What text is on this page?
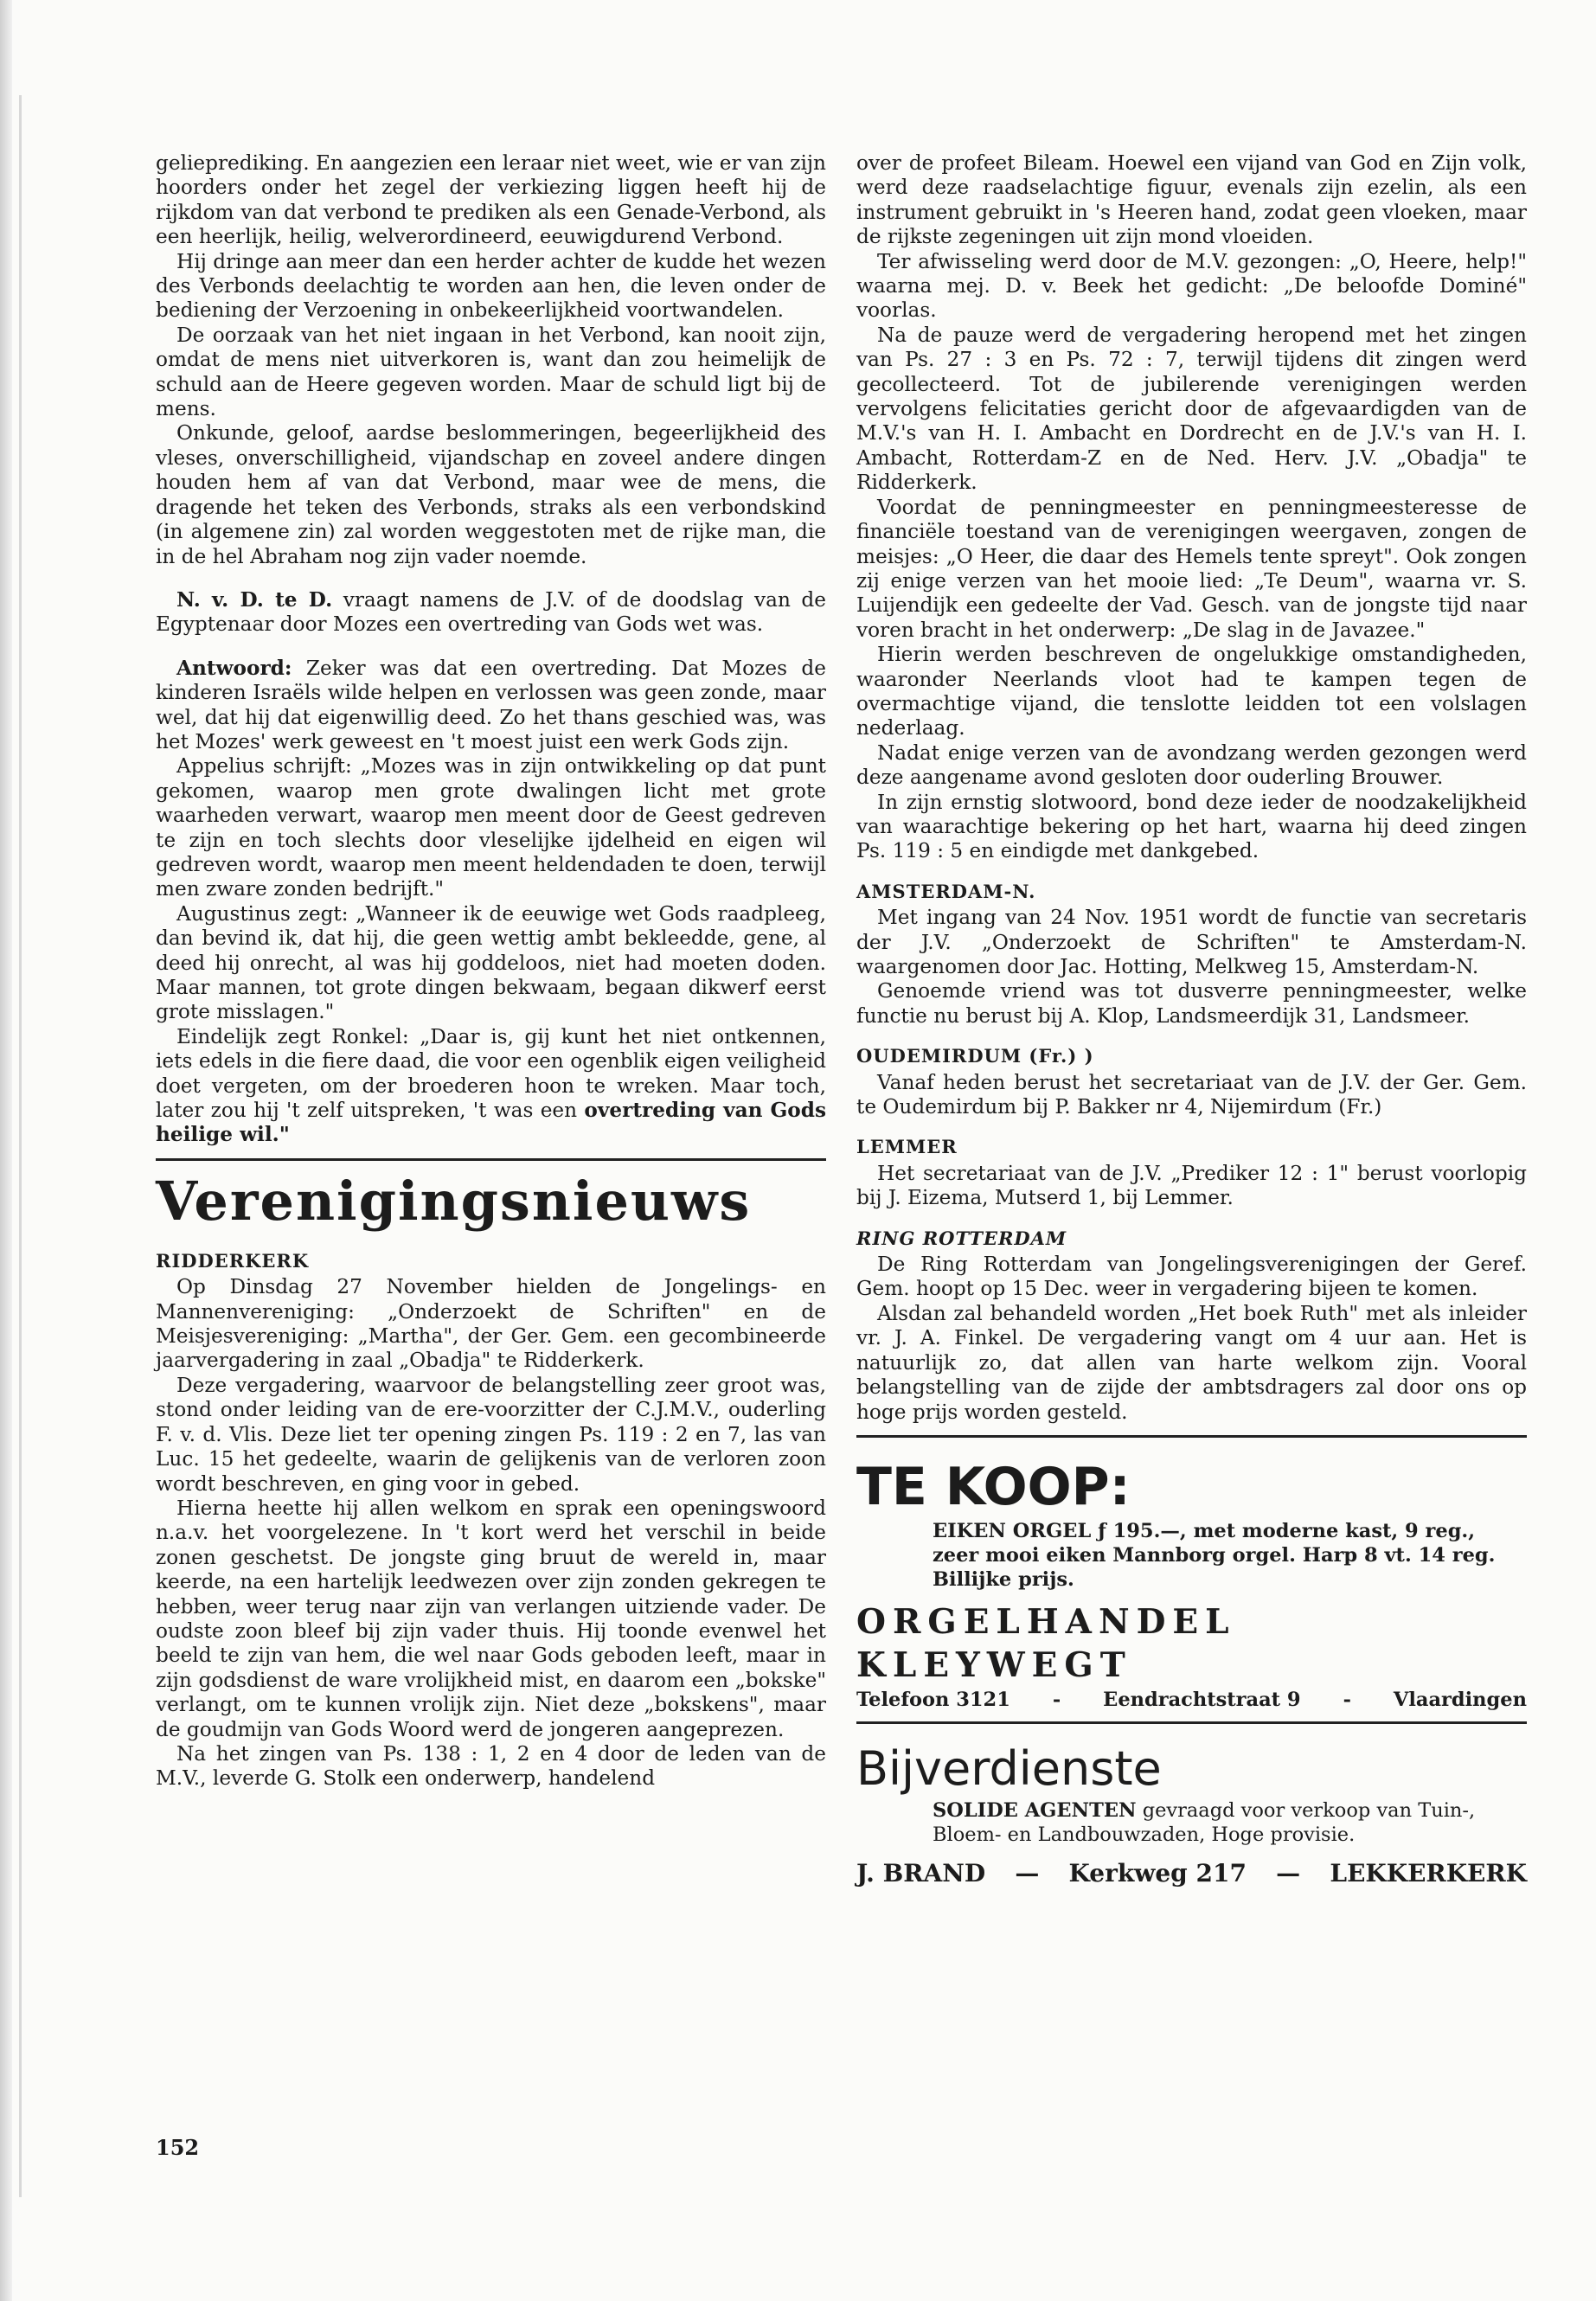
gelieprediking. En aangezien een leraar niet weet, wie er van zijn hoorders onder het zegel der verkiezing liggen heeft hij de rijkdom van dat verbond te prediken als een Genade-Verbond, als een heerlijk, heilig, welverordineerd, eeuwigdurend Verbond.

Hij dringe aan meer dan een herder achter de kudde het wezen des Verbonds deelachtig te worden aan hen, die leven onder de bediening der Verzoening in onbekeerlijkheid voortwandelen.

De oorzaak van het niet ingaan in het Verbond, kan nooit zijn, omdat de mens niet uitverkoren is, want dan zou heimelijk de schuld aan de Heere gegeven worden. Maar de schuld ligt bij de mens.

Onkunde, geloof, aardse beslommeringen, begeerlijkheid des vleses, onverschilligheid, vijandschap en zoveel andere dingen houden hem af van dat Verbond, maar wee de mens, die dragende het teken des Verbonds, straks als een verbondskind (in algemene zin) zal worden weggestoten met de rijke man, die in de hel Abraham nog zijn vader noemde.

N. v. D. te D. vraagt namens de J.V. of de doodslag van de Egyptenaar door Mozes een overtreding van Gods wet was.

Antwoord: Zeker was dat een overtreding. Dat Mozes de kinderen Israëls wilde helpen en verlossen was geen zonde, maar wel, dat hij dat eigenwillig deed. Zo het thans geschied was, was het Mozes' werk geweest en 't moest juist een werk Gods zijn.

Appelius schrijft: „Mozes was in zijn ontwikkeling op dat punt gekomen, waarop men grote dwalingen licht met grote waarheden verwart, waarop men meent door de Geest gedreven te zijn en toch slechts door vleselijke ijdelheid en eigen wil gedreven wordt, waarop men meent heldendaden te doen, terwijl men zware zonden bedrijft."

Augustinus zegt: „Wanneer ik de eeuwige wet Gods raadpleeg, dan bevind ik, dat hij, die geen wettig ambt bekleedde, gene, al deed hij onrecht, al was hij goddeloos, niet had moeten doden. Maar mannen, tot grote dingen bekwaam, begaan dikwerf eerst grote misslagen."

Eindelijk zegt Ronkel: „Daar is, gij kunt het niet ontkennen, iets edels in die fiere daad, die voor een ogenblik eigen veiligheid doet vergeten, om der broederen hoon te wreken. Maar toch, later zou hij 't zelf uitspreken, 't was een overtreding van Gods heilige wil."

Verenigingsnieuws
RIDDERKERK

Op Dinsdag 27 November hielden de Jongelings- en Mannenvereniging: „Onderzoekt de Schriften" en de Meisjesvereniging: „Martha", der Ger. Gem. een gecombineerde jaarvergadering in zaal „Obadja" te Ridderkerk.

Deze vergadering, waarvoor de belangstelling zeer groot was, stond onder leiding van de ere-voorzitter der C.J.M.V., ouderling F. v. d. Vlis. Deze liet ter opening zingen Ps. 119 : 2 en 7, las van Luc. 15 het gedeelte, waarin de gelijkenis van de verloren zoon wordt beschreven, en ging voor in gebed.

Hierna heette hij allen welkom en sprak een openingswoord n.a.v. het voorgelezene. In 't kort werd het verschil in beide zonen geschetst. De jongste ging bruut de wereld in, maar keerde, na een hartelijk leedwezen over zijn zonden gekregen te hebben, weer terug naar zijn van verlangen uitziende vader. De oudste zoon bleef bij zijn vader thuis. Hij toonde evenwel het beeld te zijn van hem, die wel naar Gods geboden leeft, maar in zijn godsdienst de ware vrolijkheid mist, en daarom een „bokske" verlangt, om te kunnen vrolijk zijn. Niet deze „bokskens", maar de goudmijn van Gods Woord werd de jongeren aangeprezen.

Na het zingen van Ps. 138 : 1, 2 en 4 door de leden van de M.V., leverde G. Stolk een onderwerp, handelend

over de profeet Bileam. Hoewel een vijand van God en Zijn volk, werd deze raadselachtige figuur, evenals zijn ezelin, als een instrument gebruikt in 's Heeren hand, zodat geen vloeken, maar de rijkste zegeningen uit zijn mond vloeiden.

Ter afwisseling werd door de M.V. gezongen: „O, Heere, help!" waarna mej. D. v. Beek het gedicht: „De beloofde Dominé" voorlas.

Na de pauze werd de vergadering heropend met het zingen van Ps. 27 : 3 en Ps. 72 : 7, terwijl tijdens dit zingen werd gecollecteerd. Tot de jubilerende verenigingen werden vervolgens felicitaties gericht door de afgevaardigden van de M.V.'s van H. I. Ambacht en Dordrecht en de J.V.'s van H. I. Ambacht, Rotterdam-Z en de Ned. Herv. J.V. „Obadja" te Ridderkerk.

Voordat de penningmeester en penningmeesteresse de financiële toestand van de verenigingen weergaven, zongen de meisjes: „O Heer, die daar des Hemels tente spreyt". Ook zongen zij enige verzen van het mooie lied: „Te Deum", waarna vr. S. Luijendijk een gedeelte der Vad. Gesch. van de jongste tijd naar voren bracht in het onderwerp: „De slag in de Javazee."

Hierin werden beschreven de ongelukkige omstandigheden, waaronder Neerlands vloot had te kampen tegen de overmachtige vijand, die tenslotte leidden tot een volslagen nederlaag.

Nadat enige verzen van de avondzang werden gezongen werd deze aangename avond gesloten door ouderling Brouwer.

In zijn ernstig slotwoord, bond deze ieder de noodzakelijkheid van waarachtige bekering op het hart, waarna hij deed zingen Ps. 119 : 5 en eindigde met dankgebed.

AMSTERDAM-N.

Met ingang van 24 Nov. 1951 wordt de functie van secretaris der J.V. „Onderzoekt de Schriften" te Amsterdam-N. waargenomen door Jac. Hotting, Melkweg 15, Amsterdam-N.

Genoemde vriend was tot dusverre penningmeester, welke functie nu berust bij A. Klop, Landsmeerdijk 31, Landsmeer.

OUDEMIRDUM (Fr.) )

Vanaf heden berust het secretariaat van de J.V. der Ger. Gem. te Oudemirdum bij P. Bakker nr 4, Nijemirdum (Fr.)

LEMMER

Het secretariaat van de J.V. „Prediker 12 : 1" berust voorlopig bij J. Eizema, Mutserd 1, bij Lemmer.

RING ROTTERDAM

De Ring Rotterdam van Jongelingsverenigingen der Geref. Gem. hoopt op 15 Dec. weer in vergadering bijeen te komen.

Alsdan zal behandeld worden „Het boek Ruth" met als inleider vr. J. A. Finkel. De vergadering vangt om 4 uur aan. Het is natuurlijk zo, dat allen van harte welkom zijn. Vooral belangstelling van de zijde der ambtsdragers zal door ons op hoge prijs worden gesteld.

TE KOOP:
EIKEN ORGEL ƒ 195.—, met moderne kast, 9 reg., zeer mooi eiken Mannborg orgel. Harp 8 vt. 14 reg. Billijke prijs.
ORGELHANDEL KLEYWEGT
Telefoon 3121 - Eendrachtstraat 9 - Vlaardingen
Bijverdienste
SOLIDE AGENTEN gevraagd voor verkoop van Tuin-, Bloem- en Landbouwzaden, Hoge provisie.
J. BRAND — Kerkweg 217 — LEKKERKERK
152
